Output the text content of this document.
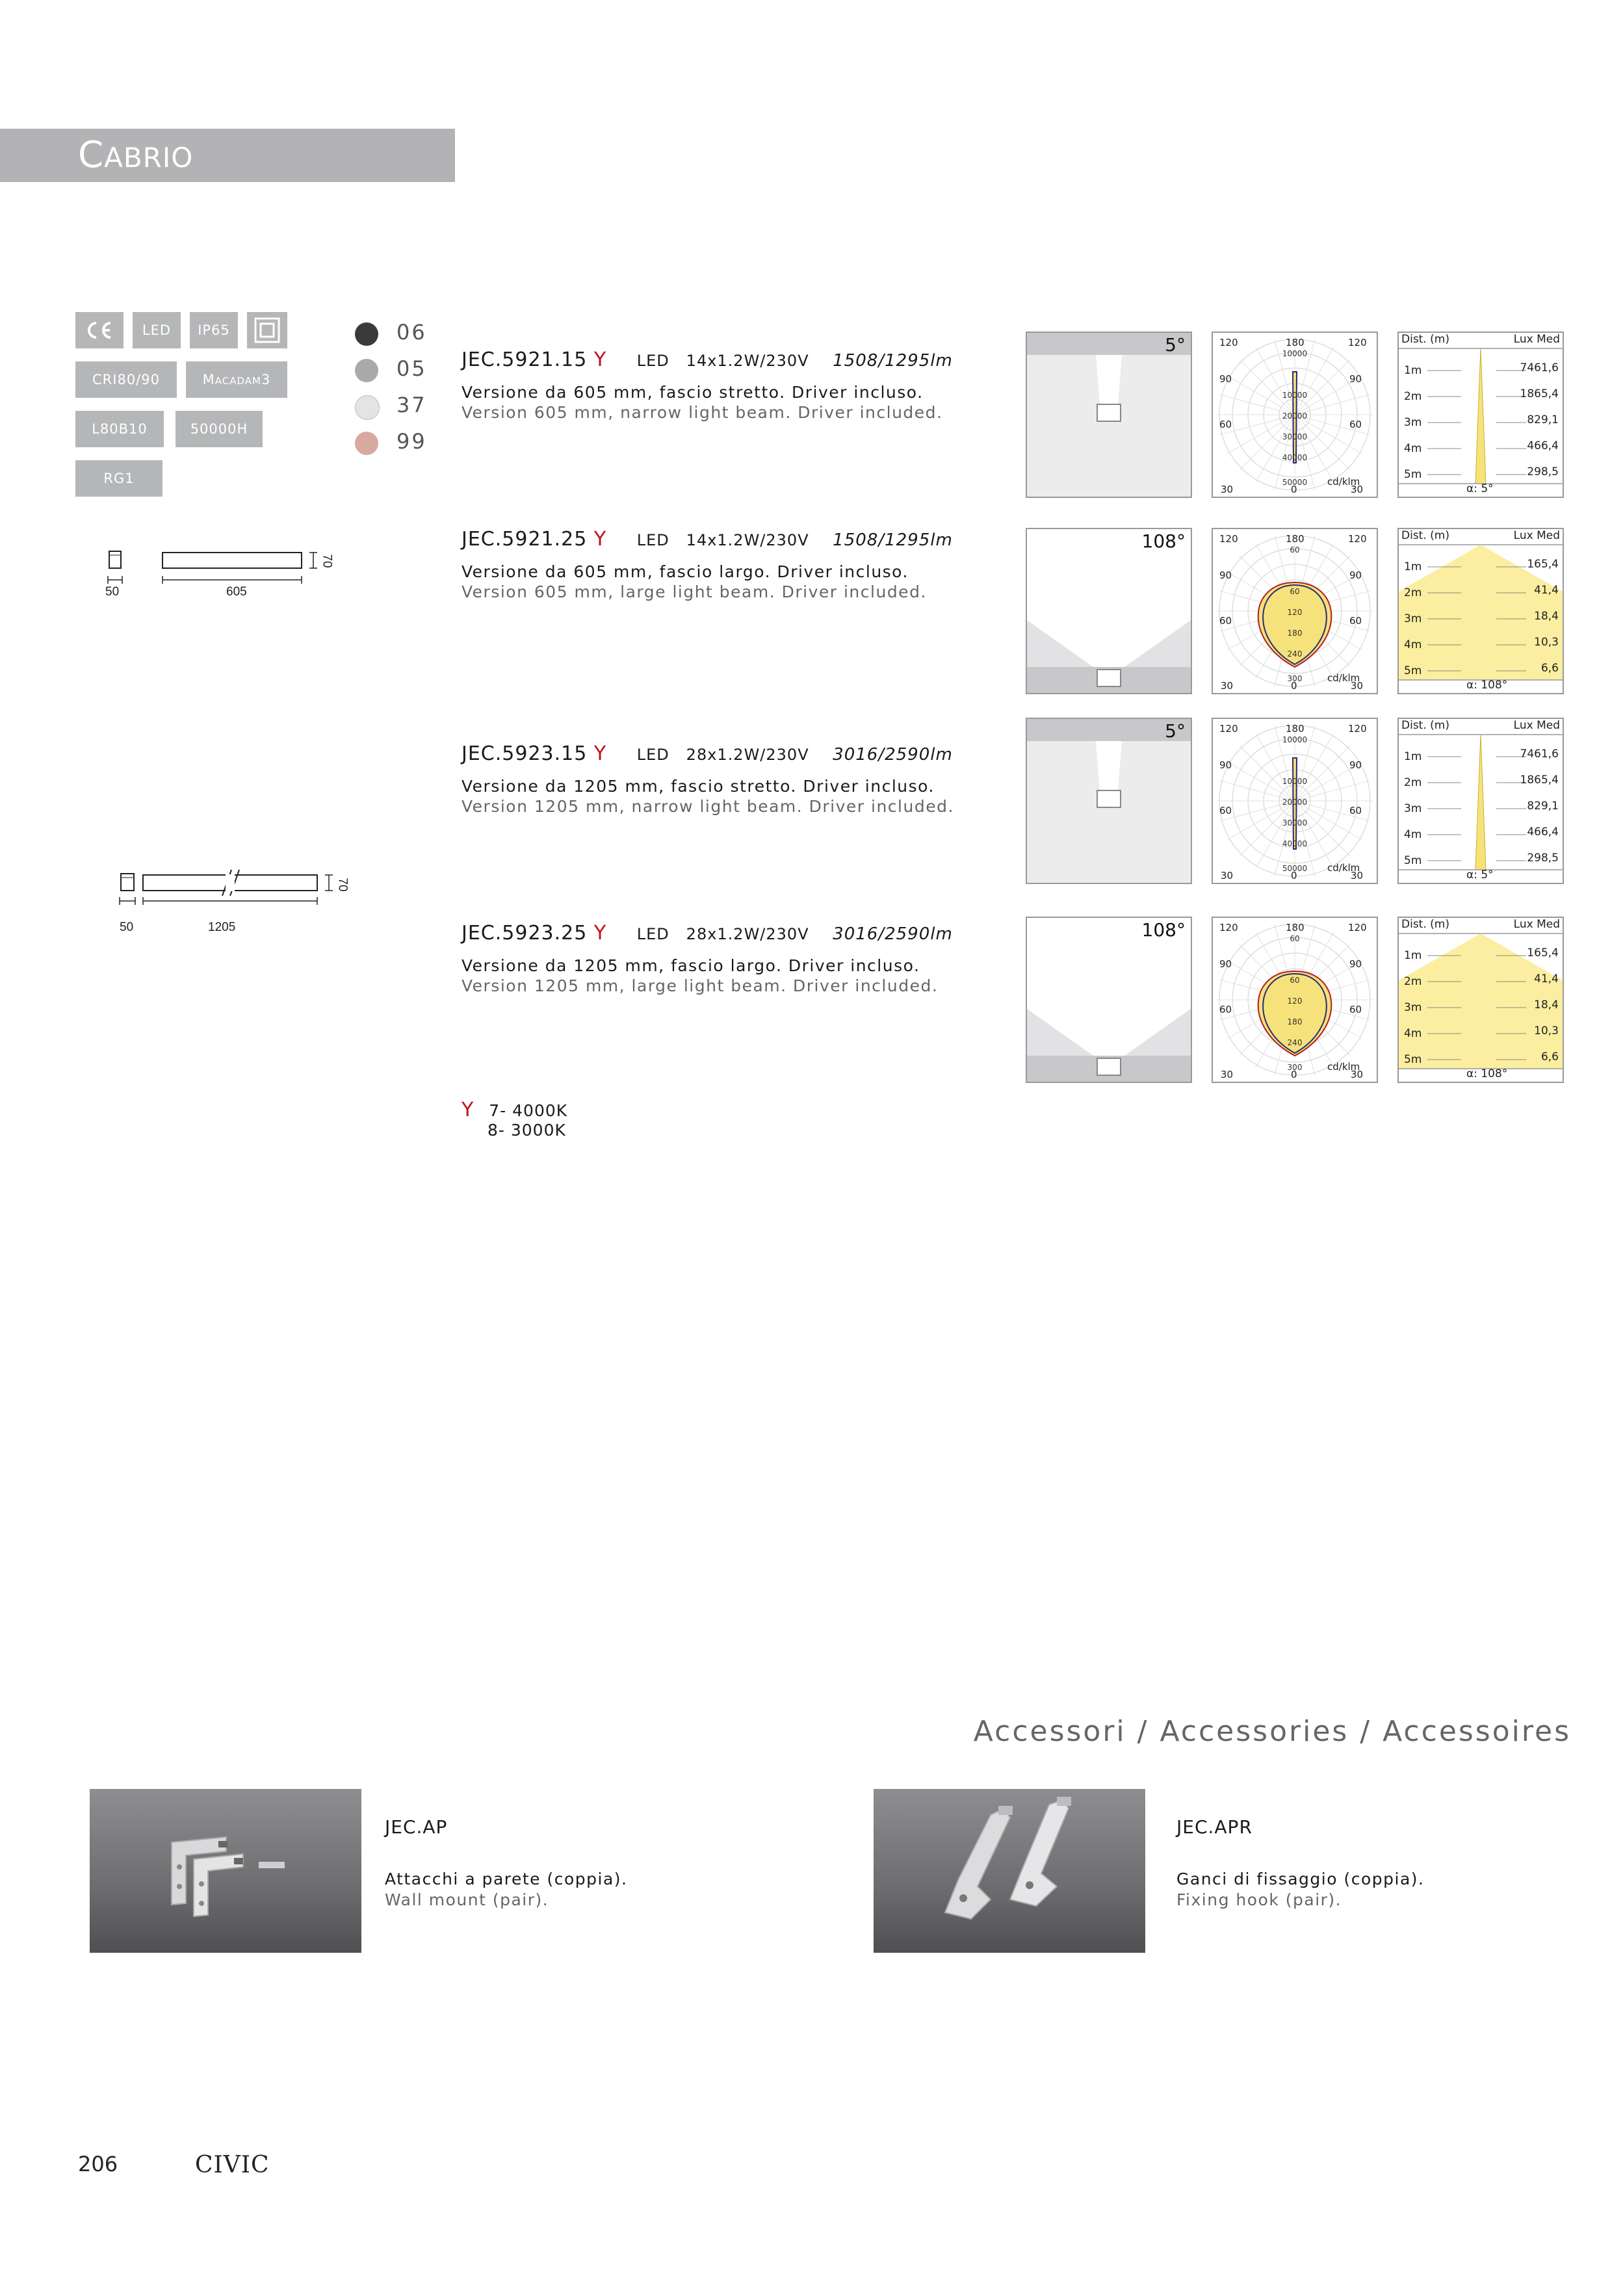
CABRIO
LED	IP65
CRI80/90	Macadam3
L80B10	50000H
RG1
06
05
37
99
50	605
70
50	1205
70
JEC.5921.15 Y LED   14x1.2W/230V 1508/1295lm
Versione da 605 mm, fascio stretto. Driver incluso.
Version 605 mm, narrow light beam. Driver included.
JEC.5921.25 Y LED   14x1.2W/230V 1508/1295lm
Versione da 605 mm, fascio largo. Driver incluso.
Version 605 mm, large light beam. Driver included.
JEC.5923.15 Y LED   28x1.2W/230V 3016/2590lm
Versione da 1205 mm, fascio stretto. Driver incluso.
Version 1205 mm, narrow light beam. Driver included.
JEC.5923.25 Y LED   28x1.2W/230V 3016/2590lm
Versione da 1205 mm, fascio largo. Driver incluso.
Version 1205 mm, large light beam. Driver included.
5°	120	180	120
90	90
60	60
30	0	30
10000
10000
20000
30000
40000
50000 cd/klm
Dist. (m)	Lux Med
1m	7461,6
2m	1865,4
3m	829,1
4m	466,4
5m	298,5
α: 5°
108°	120	180	120
90	90
60	60
30	0	30
60
60
120
180
240
300	cd/klm
Dist. (m)	Lux Med
1m	165,4
2m	41,4
3m	18,4
4m	10,3
5m	6,6
α: 108°
5°	120	180	120
90	90
60	60
30	0	30
10000
10000
20000
30000
40000
50000 cd/klm
Dist. (m)	Lux Med
1m	7461,6
2m	1865,4
3m	829,1
4m	466,4
5m	298,5
α: 5°
108°	120	180	120
90	90
60	60
30	0	30
60
60
120
180
240
300	cd/klm
Dist. (m)	Lux Med
1m	165,4
2m	41,4
3m	18,4
4m	10,3
5m	6,6
α: 108°
Y 7- 4000K
8- 3000K
Accessori / Accessories / Accessoires
JEC.AP
Attacchi a parete (coppia).
Wall mount (pair).
JEC.APR
Ganci di fissaggio (coppia).
Fixing hook (pair).
206	CIVIC
